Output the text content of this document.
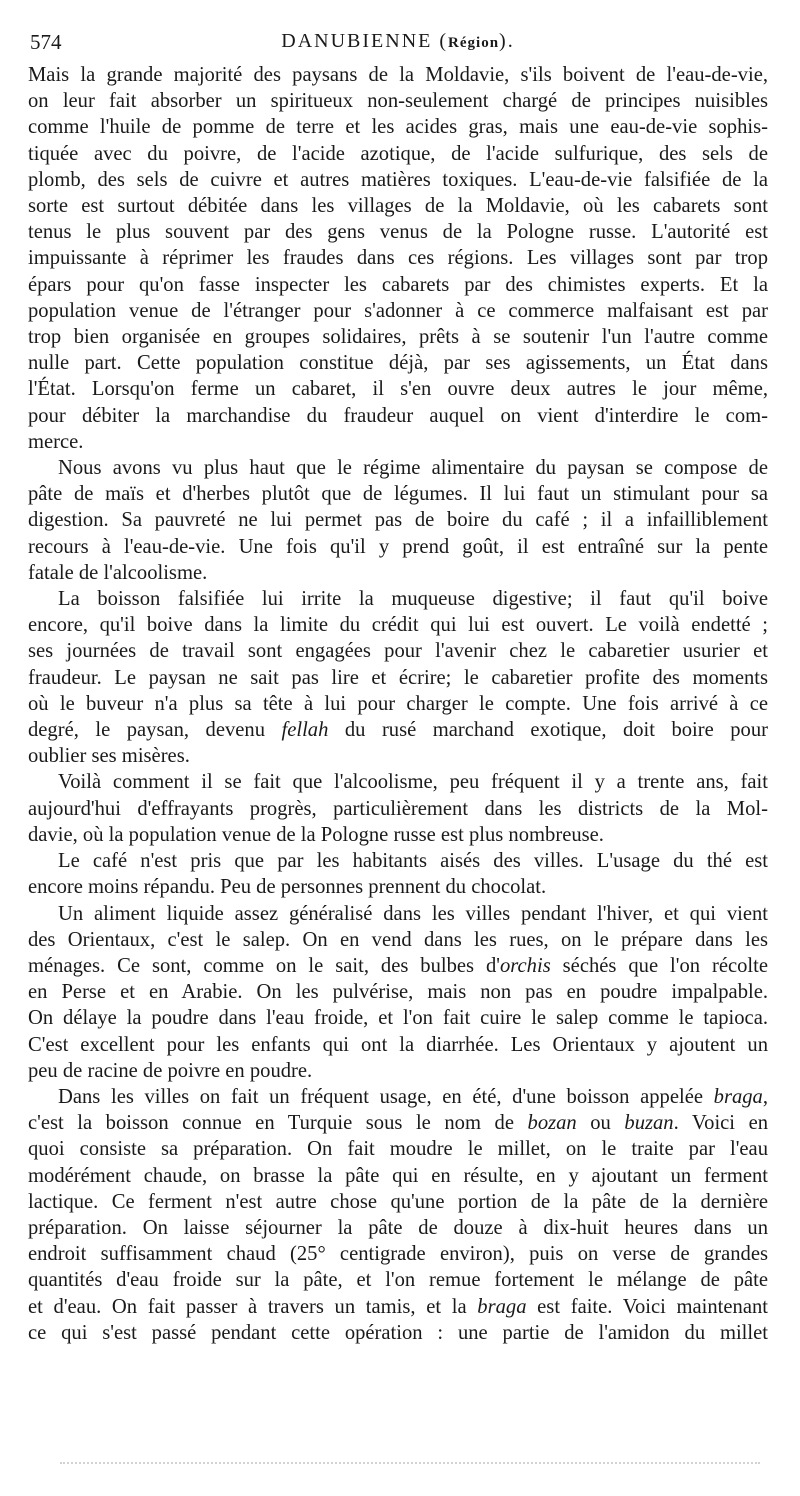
574	DANUBIENNE (Région).

Mais la grande majorité des paysans de la Moldavie, s'ils boivent de l'eau-de-vie,

on leur fait absorber un spiritueux non-seulement chargé de principes nuisibles

comme l'huile de pomme de terre et les acides gras, mais une eau-de-vie sophis-

tiquée avec du poivre, de l'acide azotique, de l'acide sulfurique, des sels de

plomb, des sels de cuivre et autres matières toxiques. L'eau-de-vie falsifiée de la

sorte est surtout débitée dans les villages de la Moldavie, où les cabarets sont

tenus le plus souvent par des gens venus de la Pologne russe. L'autorité est

impuissante à réprimer les fraudes dans ces régions. Les villages sont par trop

épars pour qu'on fasse inspecter les cabarets par des chimistes experts. Et la

population venue de l'étranger pour s'adonner à ce commerce malfaisant est par

trop bien organisée en groupes solidaires, prêts à se soutenir l'un l'autre comme

nulle part. Cette population constitue déjà, par ses agissements, un État dans

l'État. Lorsqu'on ferme un cabaret, il s'en ouvre deux autres le jour même,

pour débiter la marchandise du fraudeur auquel on vient d'interdire le com-

merce.

Nous avons vu plus haut que le régime alimentaire du paysan se compose de

pâte de maïs et d'herbes plutôt que de légumes. Il lui faut un stimulant pour sa

digestion. Sa pauvreté ne lui permet pas de boire du café ; il a infailliblement

recours à l'eau-de-vie. Une fois qu'il y prend goût, il est entraîné sur la pente

fatale de l'alcoolisme.

La boisson falsifiée lui irrite la muqueuse digestive; il faut qu'il boive

encore, qu'il boive dans la limite du crédit qui lui est ouvert. Le voilà endetté ;

ses journées de travail sont engagées pour l'avenir chez le cabaretier usurier et

fraudeur. Le paysan ne sait pas lire et écrire; le cabaretier profite des moments

où le buveur n'a plus sa tête à lui pour charger le compte. Une fois arrivé à ce

degré, le paysan, devenu fellah du rusé marchand exotique, doit boire pour

oublier ses misères.

Voilà comment il se fait que l'alcoolisme, peu fréquent il y a trente ans, fait

aujourd'hui d'effrayants progrès, particulièrement dans les districts de la Mol-

davie, où la population venue de la Pologne russe est plus nombreuse.

Le café n'est pris que par les habitants aisés des villes. L'usage du thé est

encore moins répandu. Peu de personnes prennent du chocolat.

Un aliment liquide assez généralisé dans les villes pendant l'hiver, et qui vient

des Orientaux, c'est le salep. On en vend dans les rues, on le prépare dans les

ménages. Ce sont, comme on le sait, des bulbes d'orchis séchés que l'on récolte

en Perse et en Arabie. On les pulvérise, mais non pas en poudre impalpable.

On délaye la poudre dans l'eau froide, et l'on fait cuire le salep comme le tapioca.

C'est excellent pour les enfants qui ont la diarrhée. Les Orientaux y ajoutent un

peu de racine de poivre en poudre.

Dans les villes on fait un fréquent usage, en été, d'une boisson appelée braga,

c'est la boisson connue en Turquie sous le nom de bozan ou buzan. Voici en

quoi consiste sa préparation. On fait moudre le millet, on le traite par l'eau

modérément chaude, on brasse la pâte qui en résulte, en y ajoutant un ferment

lactique. Ce ferment n'est autre chose qu'une portion de la pâte de la dernière

préparation. On laisse séjourner la pâte de douze à dix-huit heures dans un

endroit suffisamment chaud (25° centigrade environ), puis on verse de grandes

quantités d'eau froide sur la pâte, et l'on remue fortement le mélange de pâte

et d'eau. On fait passer à travers un tamis, et la braga est faite. Voici maintenant

ce qui s'est passé pendant cette opération : une partie de l'amidon du millet
